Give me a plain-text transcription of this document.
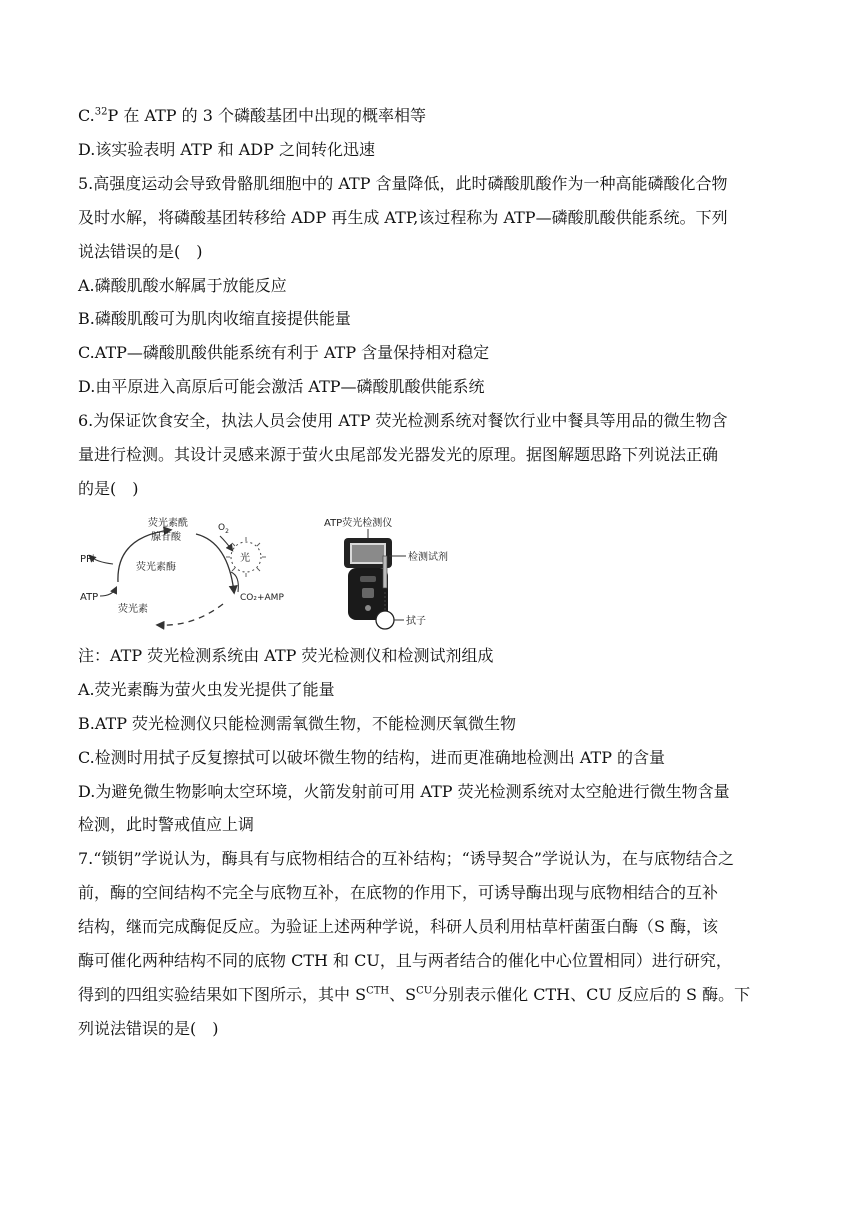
C.$^{32}$P 在 ATP 的 3 个磷酸基团中出现的概率相等
D.该实验表明 ATP 和 ADP 之间转化迅速
5.高强度运动会导致骨骼肌细胞中的 ATP 含量降低，此时磷酸肌酸作为一种高能磷酸化合物
及时水解，将磷酸基团转移给 ADP 再生成 ATP,该过程称为 ATP—磷酸肌酸供能系统。下列
说法错误的是(　)
A.磷酸肌酸水解属于放能反应
B.磷酸肌酸可为肌肉收缩直接提供能量
C.ATP—磷酸肌酸供能系统有利于 ATP 含量保持相对稳定
D.由平原进入高原后可能会激活 ATP—磷酸肌酸供能系统
6.为保证饮食安全，执法人员会使用 ATP 荧光检测系统对餐饮行业中餐具等用品的微生物含
量进行检测。其设计灵感来源于萤火虫尾部发光器发光的原理。据图解题思路下列说法正确
的是(　)
荧光素酰
腺苷酸
$O_2$
光
PPi
荧光素酶
ATP	CO₂+AMP
荧光素
ATP荧光检测仪
检测试剂
拭子
注：ATP 荧光检测系统由 ATP 荧光检测仪和检测试剂组成
A.荧光素酶为萤火虫发光提供了能量
B.ATP 荧光检测仪只能检测需氧微生物，不能检测厌氧微生物
C.检测时用拭子反复擦拭可以破坏微生物的结构，进而更准确地检测出 ATP 的含量
D.为避免微生物影响太空环境，火箭发射前可用 ATP 荧光检测系统对太空舱进行微生物含量
检测，此时警戒值应上调
7.“锁钥”学说认为，酶具有与底物相结合的互补结构；“诱导契合”学说认为，在与底物结合之
前，酶的空间结构不完全与底物互补，在底物的作用下，可诱导酶出现与底物相结合的互补
结构，继而完成酶促反应。为验证上述两种学说，科研人员利用枯草杆菌蛋白酶（S 酶，该
酶可催化两种结构不同的底物 CTH 和 CU，且与两者结合的催化中心位置相同）进行研究，
得到的四组实验结果如下图所示，其中 $S^{CTH}$、$S^{CU}$分别表示催化 CTH、CU 反应后的 S 酶。下
列说法错误的是(　)
